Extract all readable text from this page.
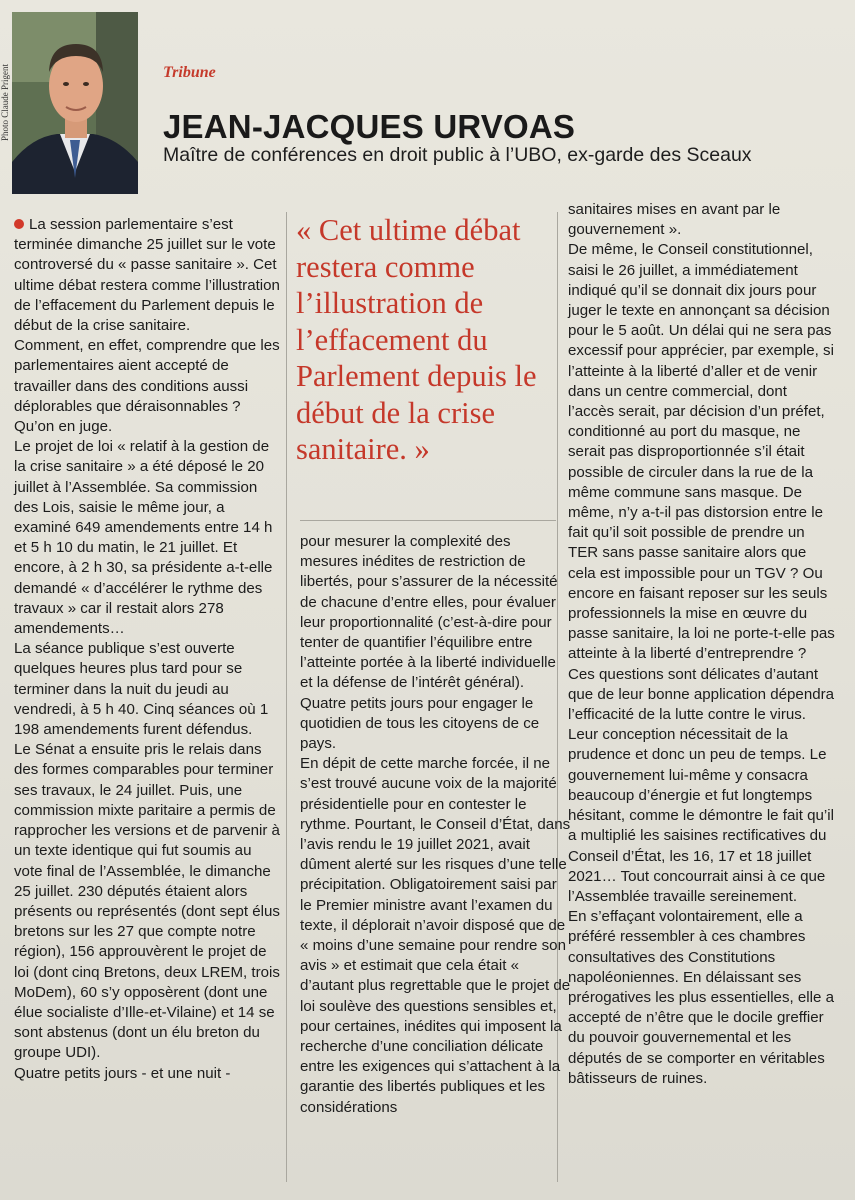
Photo Claude Prigent	Tribune
JEAN-JACQUES URVOAS
Maître de conférences en droit public à l’UBO, ex-garde des Sceaux
« Cet ultime débat restera comme l’illustration de l’effacement du Parlement depuis le début de la crise sanitaire. »

La session parlementaire s’est terminée dimanche 25 juillet sur le vote controversé du « passe sanitaire ». Cet ultime débat restera comme l’illustration de l’effacement du Parlement depuis le début de la crise sanitaire.

Comment, en effet, comprendre que les parlementaires aient accepté de travailler dans des conditions aussi déplorables que déraisonnables ? Qu’on en juge.

Le projet de loi « relatif à la gestion de la crise sanitaire » a été déposé le 20 juillet à l’Assemblée. Sa commission des Lois, saisie le même jour, a examiné 649 amendements entre 14 h et 5 h 10 du matin, le 21 juillet. Et encore, à 2 h 30, sa présidente a-t-elle demandé « d’accélérer le rythme des travaux » car il restait alors 278 amendements…

La séance publique s’est ouverte quelques heures plus tard pour se terminer dans la nuit du jeudi au vendredi, à 5 h 40. Cinq séances où 1 198 amendements furent défendus.

Le Sénat a ensuite pris le relais dans des formes comparables pour terminer ses travaux, le 24 juillet. Puis, une commission mixte paritaire a permis de rapprocher les versions et de parvenir à un texte identique qui fut soumis au vote final de l’Assemblée, le dimanche 25 juillet. 230 députés étaient alors présents ou représentés (dont sept élus bretons sur les 27 que compte notre région), 156 approuvèrent le projet de loi (dont cinq Bretons, deux LREM, trois MoDem), 60 s’y opposèrent (dont une élue socialiste d’Ille-et-Vilaine) et 14 se sont abstenus (dont un élu breton du groupe UDI).

Quatre petits jours - et une nuit -

pour mesurer la complexité des mesures inédites de restriction de libertés, pour s’assurer de la nécessité de chacune d’entre elles, pour évaluer leur proportionnalité (c’est-à-dire pour tenter de quantifier l’équilibre entre l’atteinte portée à la liberté individuelle et la défense de l’intérêt général).

Quatre petits jours pour engager le quotidien de tous les citoyens de ce pays.

En dépit de cette marche forcée, il ne s’est trouvé aucune voix de la majorité présidentielle pour en contester le rythme. Pourtant, le Conseil d’État, dans l’avis rendu le 19 juillet 2021, avait dûment alerté sur les risques d’une telle précipitation. Obligatoirement saisi par le Premier ministre avant l’examen du texte, il déplorait n’avoir disposé que de « moins d’une semaine pour rendre son avis » et estimait que cela était « d’autant plus regrettable que le projet de loi soulève des questions sensibles et, pour certaines, inédites qui imposent la recherche d’une conciliation délicate entre les exigences qui s’attachent à la garantie des libertés publiques et les considérations

sanitaires mises en avant par le gouvernement ».

De même, le Conseil constitutionnel, saisi le 26 juillet, a immédiatement indiqué qu’il se donnait dix jours pour juger le texte en annonçant sa décision pour le 5 août. Un délai qui ne sera pas excessif pour apprécier, par exemple, si l’atteinte à la liberté d’aller et de venir dans un centre commercial, dont l’accès serait, par décision d’un préfet, conditionné au port du masque, ne serait pas disproportionnée s’il était possible de circuler dans la rue de la même commune sans masque. De même, n’y a-t-il pas distorsion entre le fait qu’il soit possible de prendre un TER sans passe sanitaire alors que cela est impossible pour un TGV ? Ou encore en faisant reposer sur les seuls professionnels la mise en œuvre du passe sanitaire, la loi ne porte-t-elle pas atteinte à la liberté d’entreprendre ?

Ces questions sont délicates d’autant que de leur bonne application dépendra l’efficacité de la lutte contre le virus. Leur conception nécessitait de la prudence et donc un peu de temps. Le gouvernement lui-même y consacra beaucoup d’énergie et fut longtemps hésitant, comme le démontre le fait qu’il a multiplié les saisines rectificatives du Conseil d’État, les 16, 17 et 18 juillet 2021… Tout concourrait ainsi à ce que l’Assemblée travaille sereinement.

En s’effaçant volontairement, elle a préféré ressembler à ces chambres consultatives des Constitutions napoléoniennes. En délaissant ses prérogatives les plus essentielles, elle a accepté de n’être que le docile greffier du pouvoir gouvernemental et les députés de se comporter en véritables bâtisseurs de ruines.
